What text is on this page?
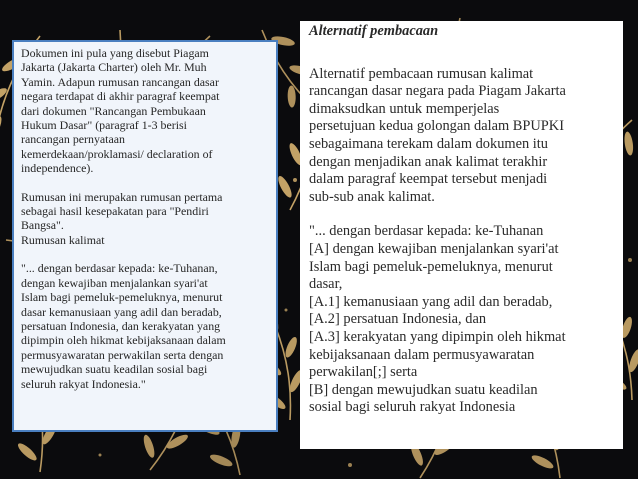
Dokumen ini pula yang disebut Piagam
Jakarta (Jakarta Charter) oleh Mr. Muh
Yamin. Adapun rumusan rancangan dasar
negara terdapat di akhir paragraf keempat
dari dokumen "Rancangan Pembukaan
Hukum Dasar" (paragraf 1-3 berisi
rancangan pernyataan
kemerdekaan/proklamasi/ declaration of
independence).

Rumusan ini merupakan rumusan pertama
sebagai hasil kesepakatan para "Pendiri
Bangsa".
Rumusan kalimat

"... dengan berdasar kepada: ke-Tuhanan,
dengan kewajiban menjalankan syari'at
Islam bagi pemeluk-pemeluknya, menurut
dasar kemanusiaan yang adil dan beradab,
persatuan Indonesia, dan kerakyatan yang
dipimpin oleh hikmat kebijaksanaan dalam
permusyawaratan perwakilan serta dengan
mewujudkan suatu keadilan sosial bagi
seluruh rakyat Indonesia."

Alternatif pembacaan

Alternatif pembacaan rumusan kalimat
rancangan dasar negara pada Piagam Jakarta
dimaksudkan untuk memperjelas
persetujuan kedua golongan dalam BPUPKI
sebagaimana terekam dalam dokumen itu
dengan menjadikan anak kalimat terakhir
dalam paragraf keempat tersebut menjadi
sub-sub anak kalimat.

"... dengan berdasar kepada: ke-Tuhanan
[A] dengan kewajiban menjalankan syari'at
Islam bagi pemeluk-pemeluknya, menurut
dasar,
[A.1] kemanusiaan yang adil dan beradab,
[A.2] persatuan Indonesia, dan
[A.3] kerakyatan yang dipimpin oleh hikmat
kebijaksanaan dalam permusyawaratan
perwakilan[;] serta
[B] dengan mewujudkan suatu keadilan
sosial bagi seluruh rakyat Indonesia
